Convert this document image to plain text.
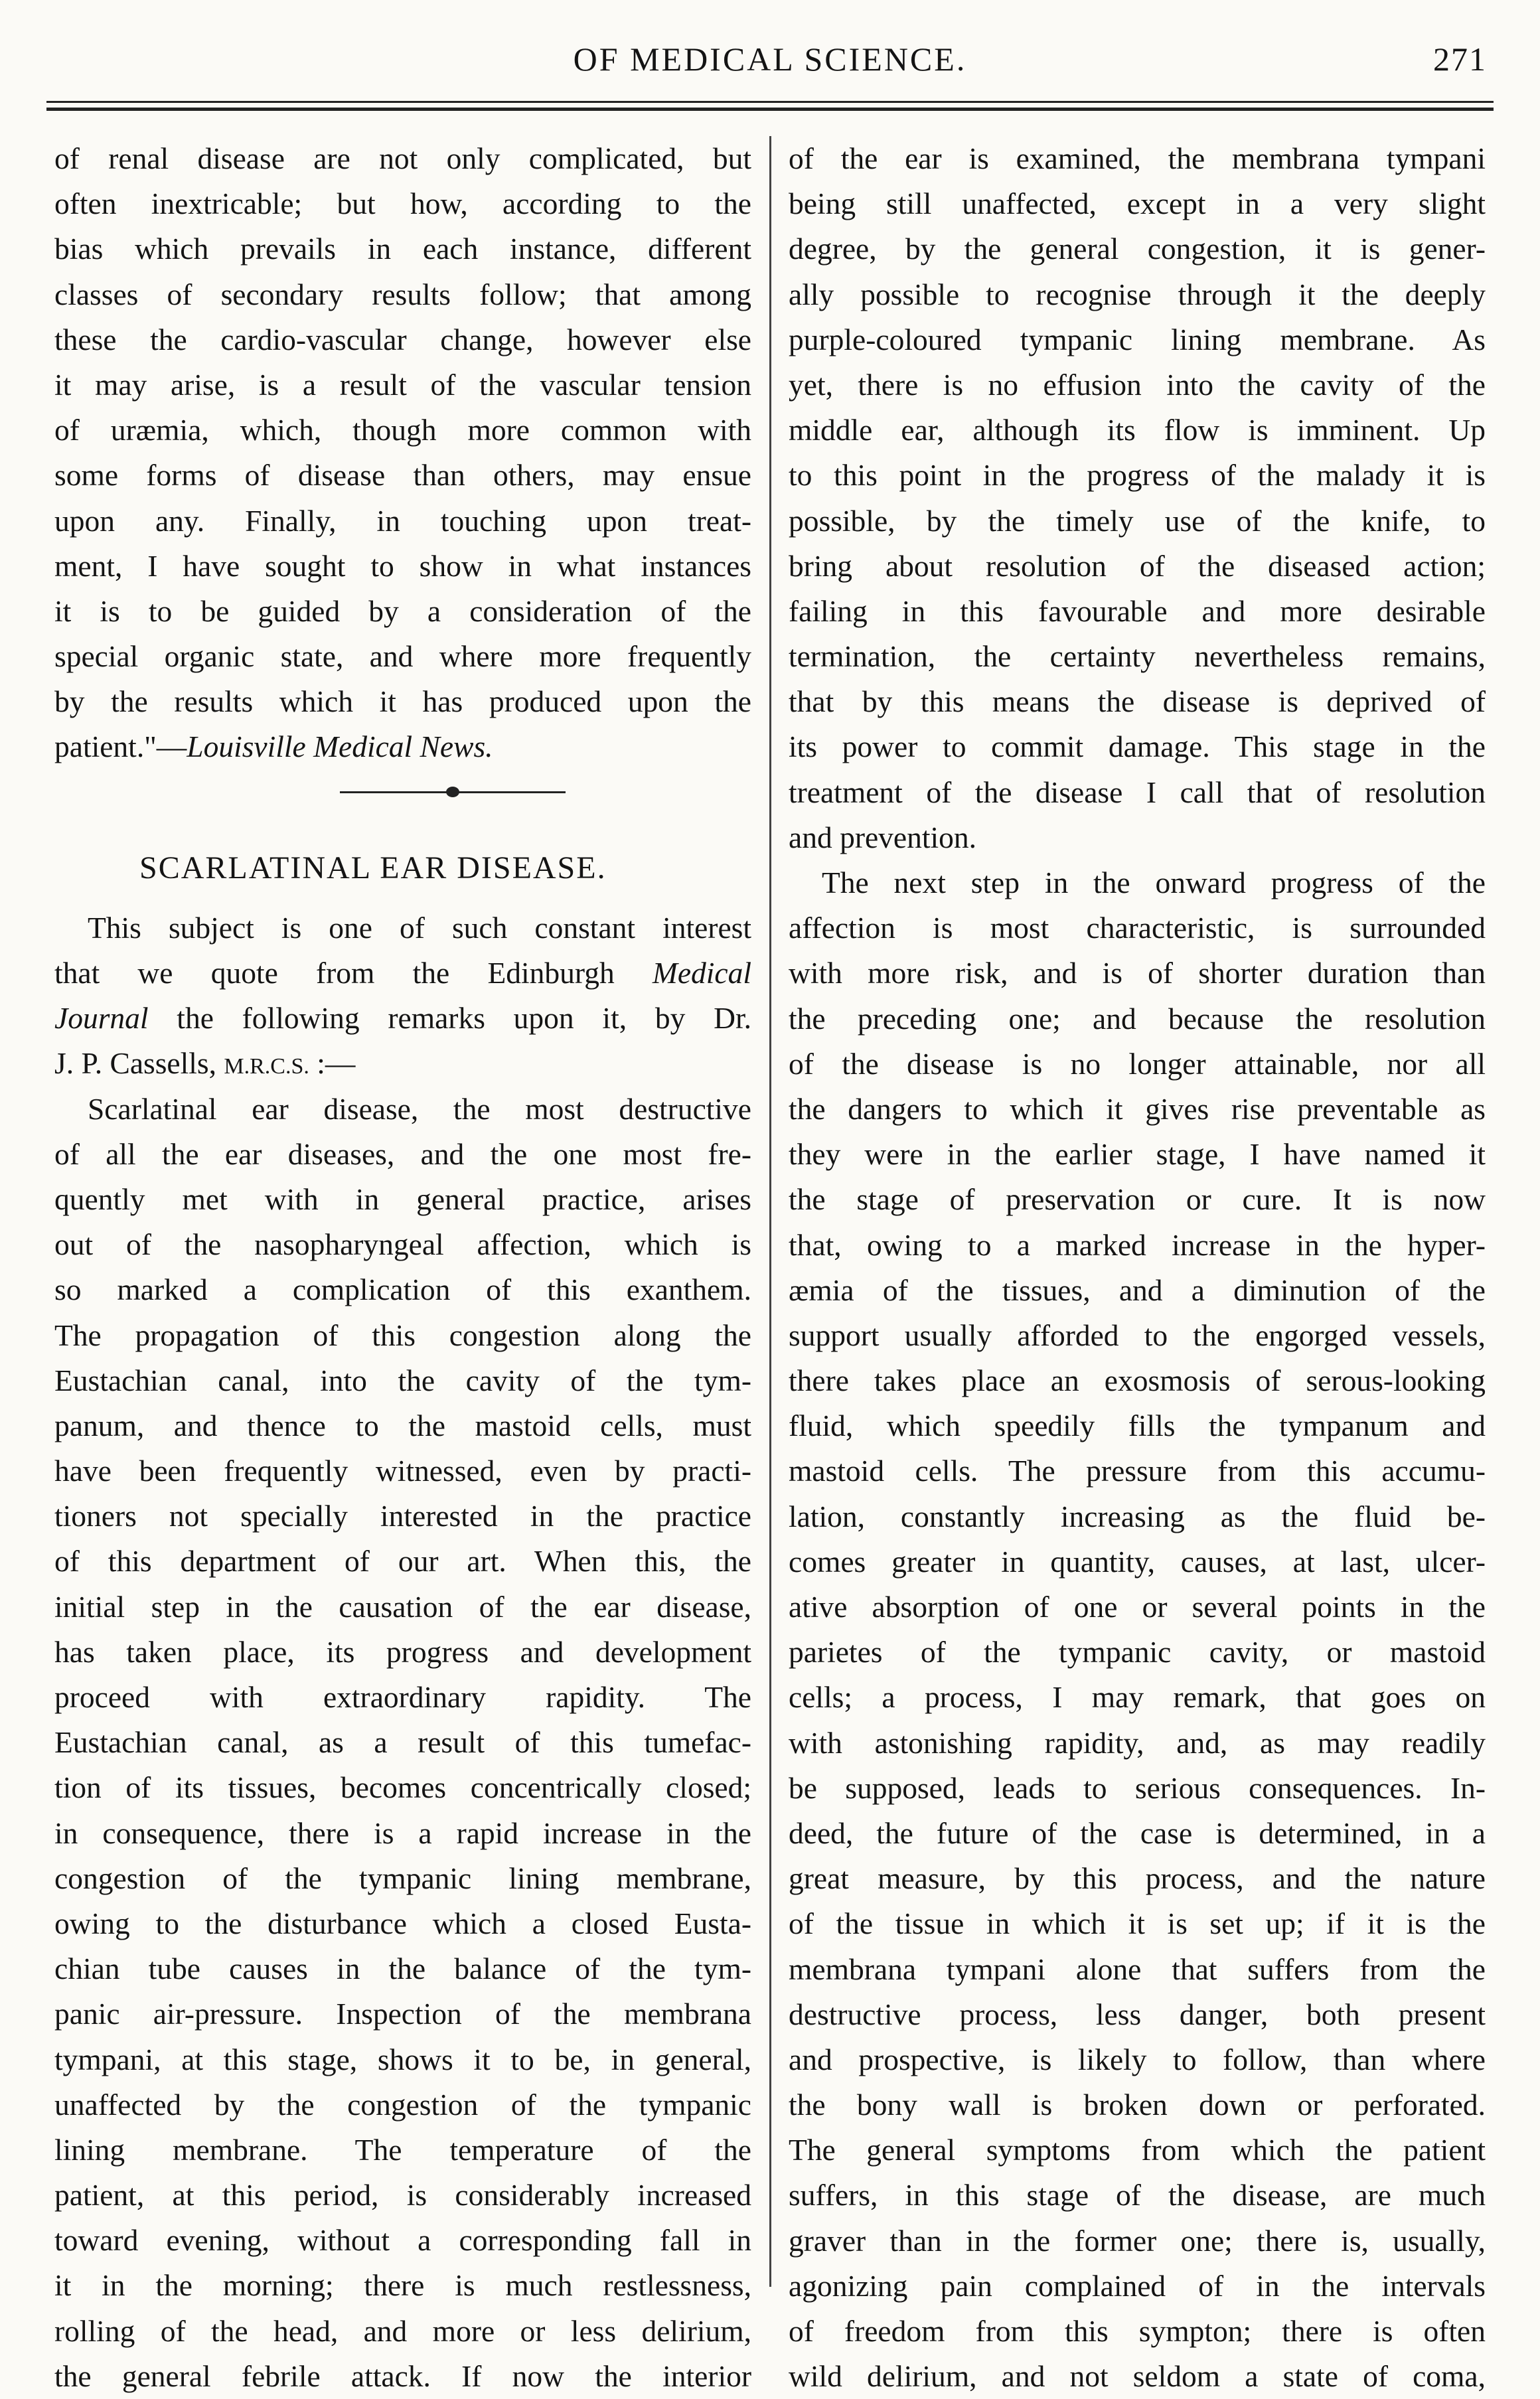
OF MEDICAL SCIENCE.	271
of renal disease are not only complicated, but
often inextricable; but how, according to the
bias which prevails in each instance, different
classes of secondary results follow; that among
these the cardio-vascular change, however else
it may arise, is a result of the vascular tension
of uræmia, which, though more common with
some forms of disease than others, may ensue
upon any. Finally, in touching upon treat-
ment, I have sought to show in what instances
it is to be guided by a consideration of the
special organic state, and where more frequently
by the results which it has produced upon the
patient."—Louisville Medical News.
SCARLATINAL EAR DISEASE.
This subject is one of such constant interest
that we quote from the Edinburgh Medical
Journal the following remarks upon it, by Dr.
J. P. Cassells, M.R.C.S. :—
Scarlatinal ear disease, the most destructive
of all the ear diseases, and the one most fre-
quently met with in general practice, arises
out of the nasopharyngeal affection, which is
so marked a complication of this exanthem.
The propagation of this congestion along the
Eustachian canal, into the cavity of the tym-
panum, and thence to the mastoid cells, must
have been frequently witnessed, even by practi-
tioners not specially interested in the practice
of this department of our art. When this, the
initial step in the causation of the ear disease,
has taken place, its progress and development
proceed with extraordinary rapidity. The
Eustachian canal, as a result of this tumefac-
tion of its tissues, becomes concentrically closed;
in consequence, there is a rapid increase in the
congestion of the tympanic lining membrane,
owing to the disturbance which a closed Eusta-
chian tube causes in the balance of the tym-
panic air-pressure. Inspection of the membrana
tympani, at this stage, shows it to be, in general,
unaffected by the congestion of the tympanic
lining membrane. The temperature of the
patient, at this period, is considerably increased
toward evening, without a corresponding fall in
it in the morning; there is much restlessness,
rolling of the head, and more or less delirium,
the general febrile attack. If now the interior
of the ear is examined, the membrana tympani
being still unaffected, except in a very slight
degree, by the general congestion, it is gener-
ally possible to recognise through it the deeply
purple-coloured tympanic lining membrane. As
yet, there is no effusion into the cavity of the
middle ear, although its flow is imminent. Up
to this point in the progress of the malady it is
possible, by the timely use of the knife, to
bring about resolution of the diseased action;
failing in this favourable and more desirable
termination, the certainty nevertheless remains,
that by this means the disease is deprived of
its power to commit damage. This stage in the
treatment of the disease I call that of resolution
and prevention.
The next step in the onward progress of the
affection is most characteristic, is surrounded
with more risk, and is of shorter duration than
the preceding one; and because the resolution
of the disease is no longer attainable, nor all
the dangers to which it gives rise preventable as
they were in the earlier stage, I have named it
the stage of preservation or cure. It is now
that, owing to a marked increase in the hyper-
æmia of the tissues, and a diminution of the
support usually afforded to the engorged vessels,
there takes place an exosmosis of serous-looking
fluid, which speedily fills the tympanum and
mastoid cells. The pressure from this accumu-
lation, constantly increasing as the fluid be-
comes greater in quantity, causes, at last, ulcer-
ative absorption of one or several points in the
parietes of the tympanic cavity, or mastoid
cells; a process, I may remark, that goes on
with astonishing rapidity, and, as may readily
be supposed, leads to serious consequences. In-
deed, the future of the case is determined, in a
great measure, by this process, and the nature
of the tissue in which it is set up; if it is the
membrana tympani alone that suffers from the
destructive process, less danger, both present
and prospective, is likely to follow, than where
the bony wall is broken down or perforated.
The general symptoms from which the patient
suffers, in this stage of the disease, are much
graver than in the former one; there is, usually,
agonizing pain complained of in the intervals
of freedom from this sympton; there is often
wild delirium, and not seldom a state of coma,
